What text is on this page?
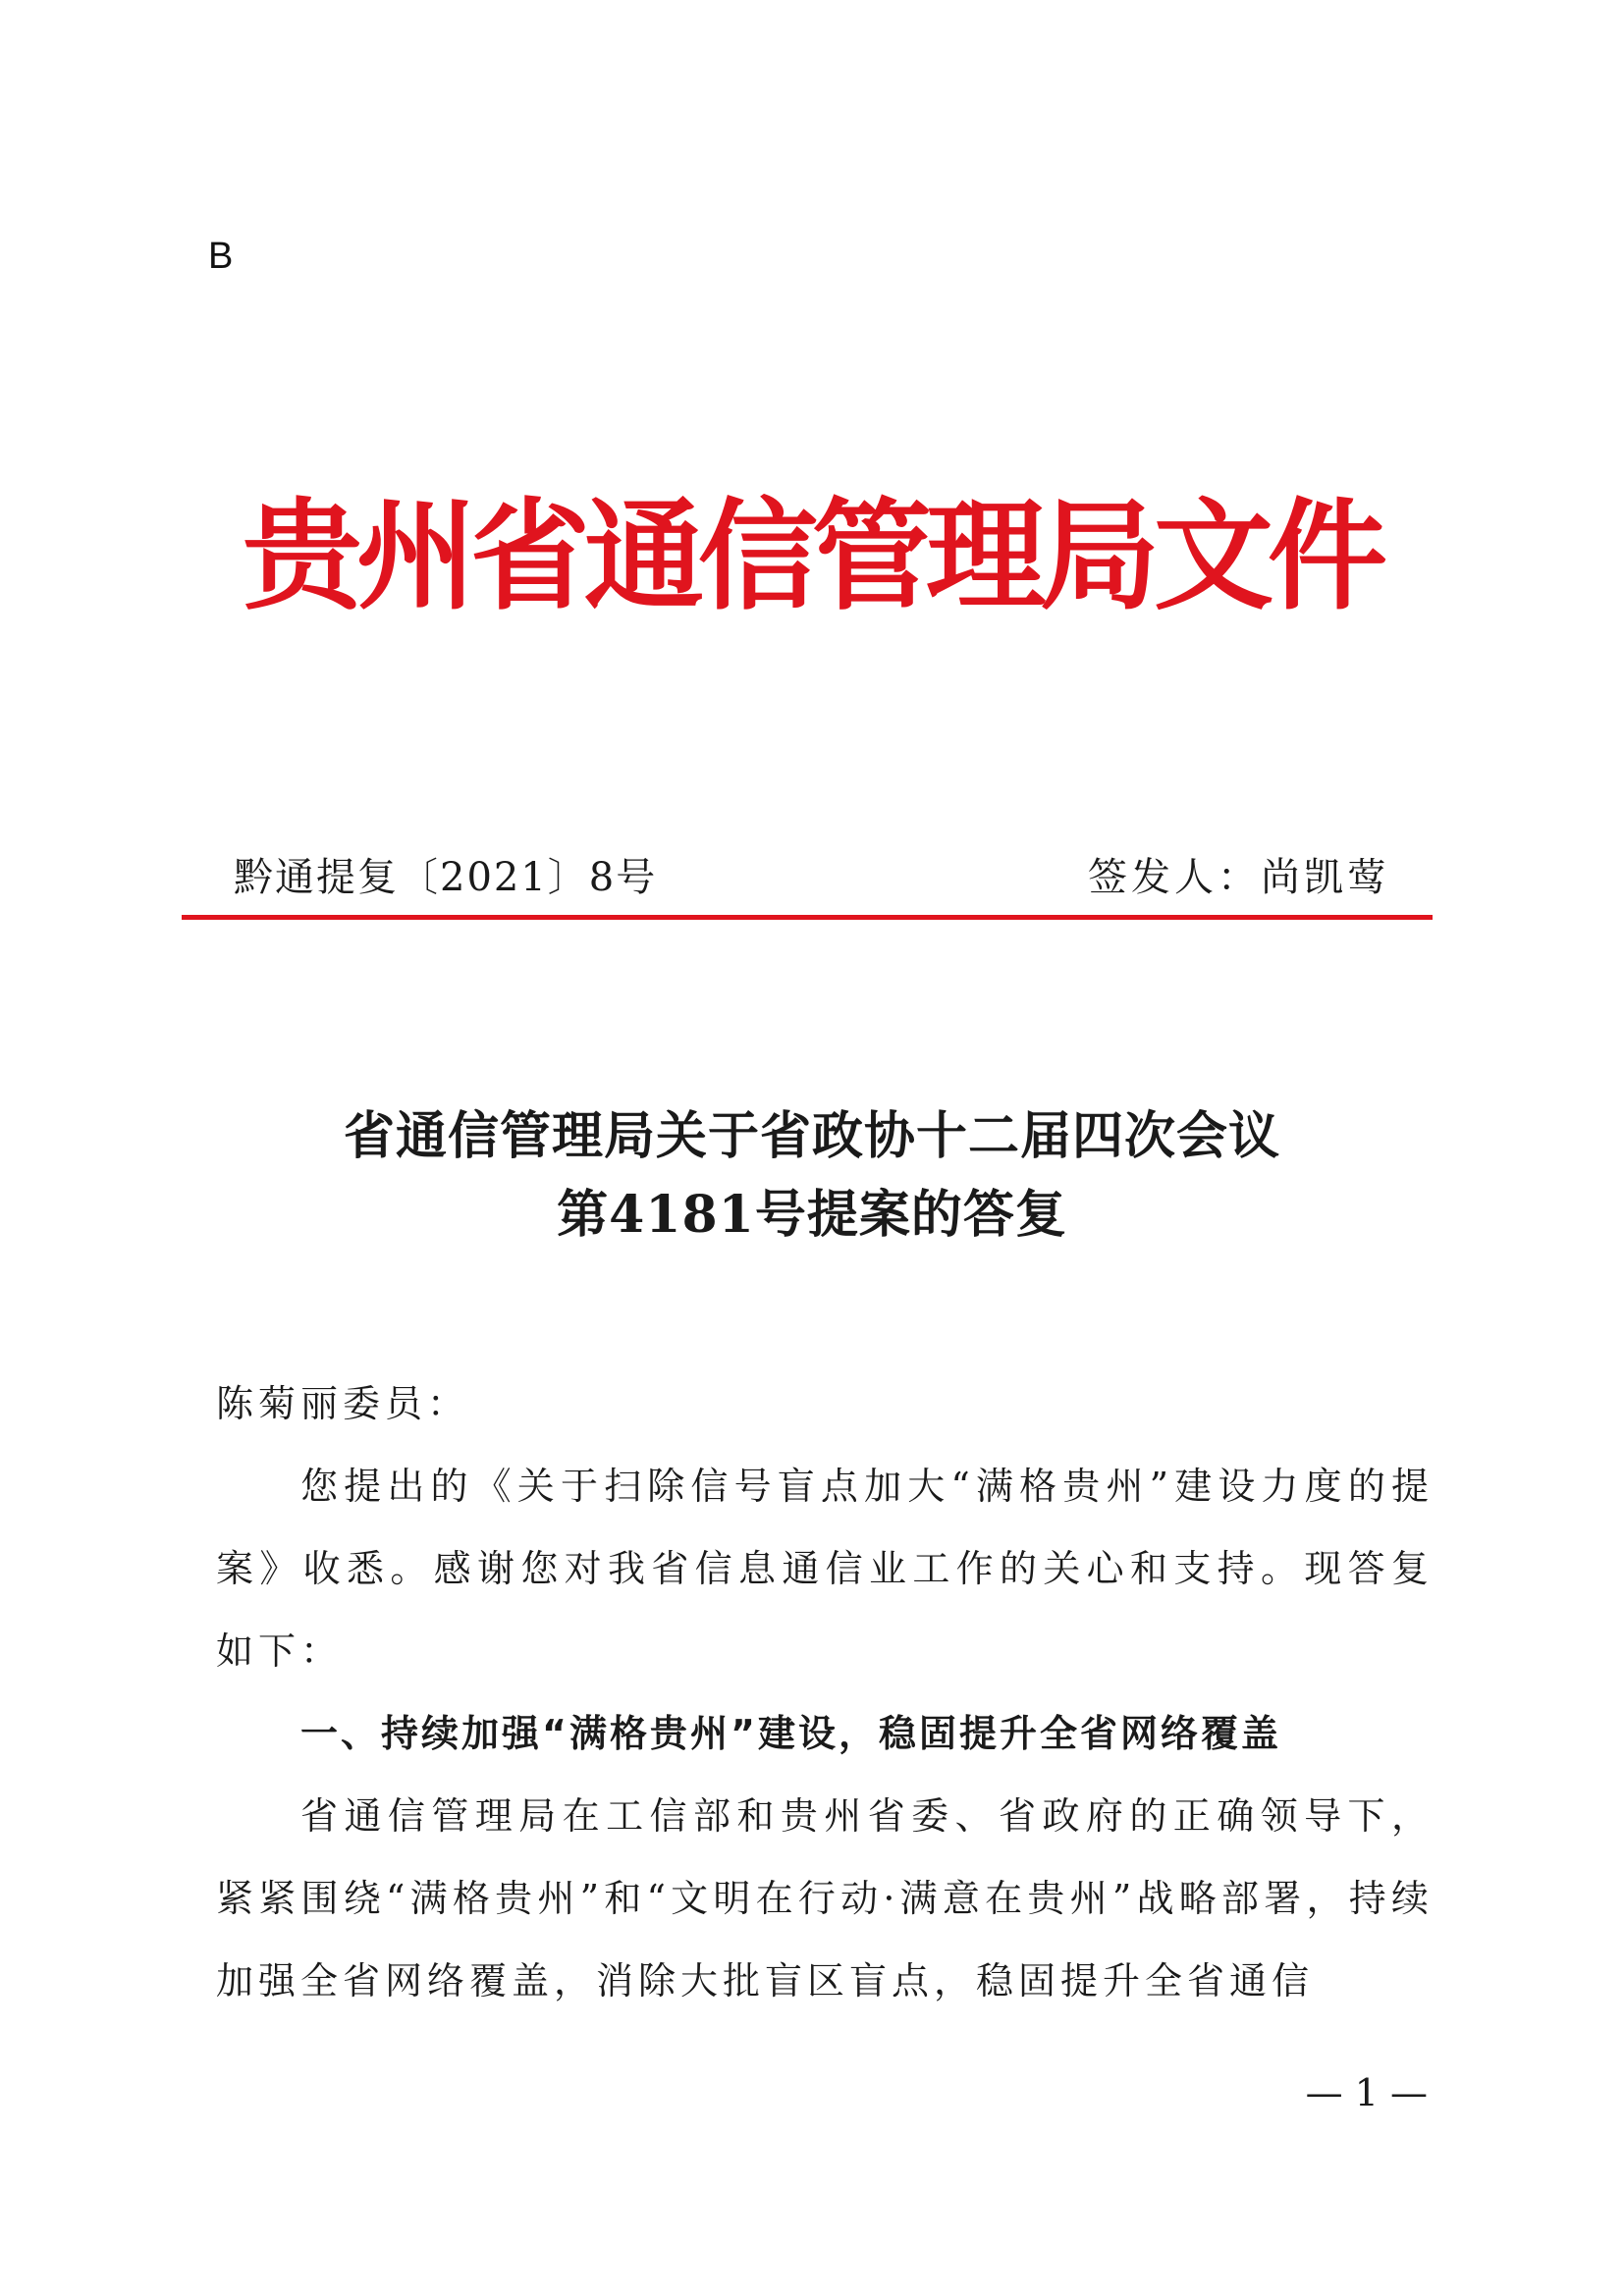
B
贵州省通信管理局文件
黔通提复〔2021〕8号	签发人：尚凯莺
省通信管理局关于省政协十二届四次会议
第4181号提案的答复

陈菊丽委员：

您提出的《关于扫除信号盲点加大“满格贵州”建设力度的提案》收悉。感谢您对我省信息通信业工作的关心和支持。现答复如下：

一、持续加强“满格贵州”建设，稳固提升全省网络覆盖

省通信管理局在工信部和贵州省委、省政府的正确领导下，紧紧围绕“满格贵州”和“文明在行动·满意在贵州”战略部署，持续加强全省网络覆盖，消除大批盲区盲点，稳固提升全省通信

— 1 —
